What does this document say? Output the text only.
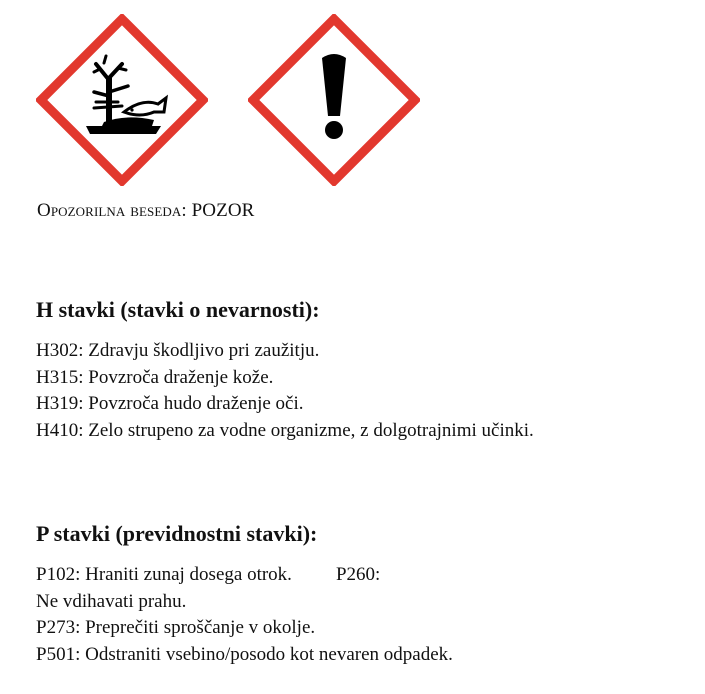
Opozorilna beseda: POZOR
H stavki (stavki o nevarnosti):
H302: Zdravju škodljivo pri zaužitju.
H315: Povzroča draženje kože.
H319: Povzroča hudo draženje oči.
H410: Zelo strupeno za vodne organizme, z dolgotrajnimi učinki.
P stavki (previdnostni stavki):
P102: Hraniti zunaj dosega otrok. P260:
Ne vdihavati prahu.
P273: Preprečiti sproščanje v okolje.
P501: Odstraniti vsebino/posodo kot nevaren odpadek.
